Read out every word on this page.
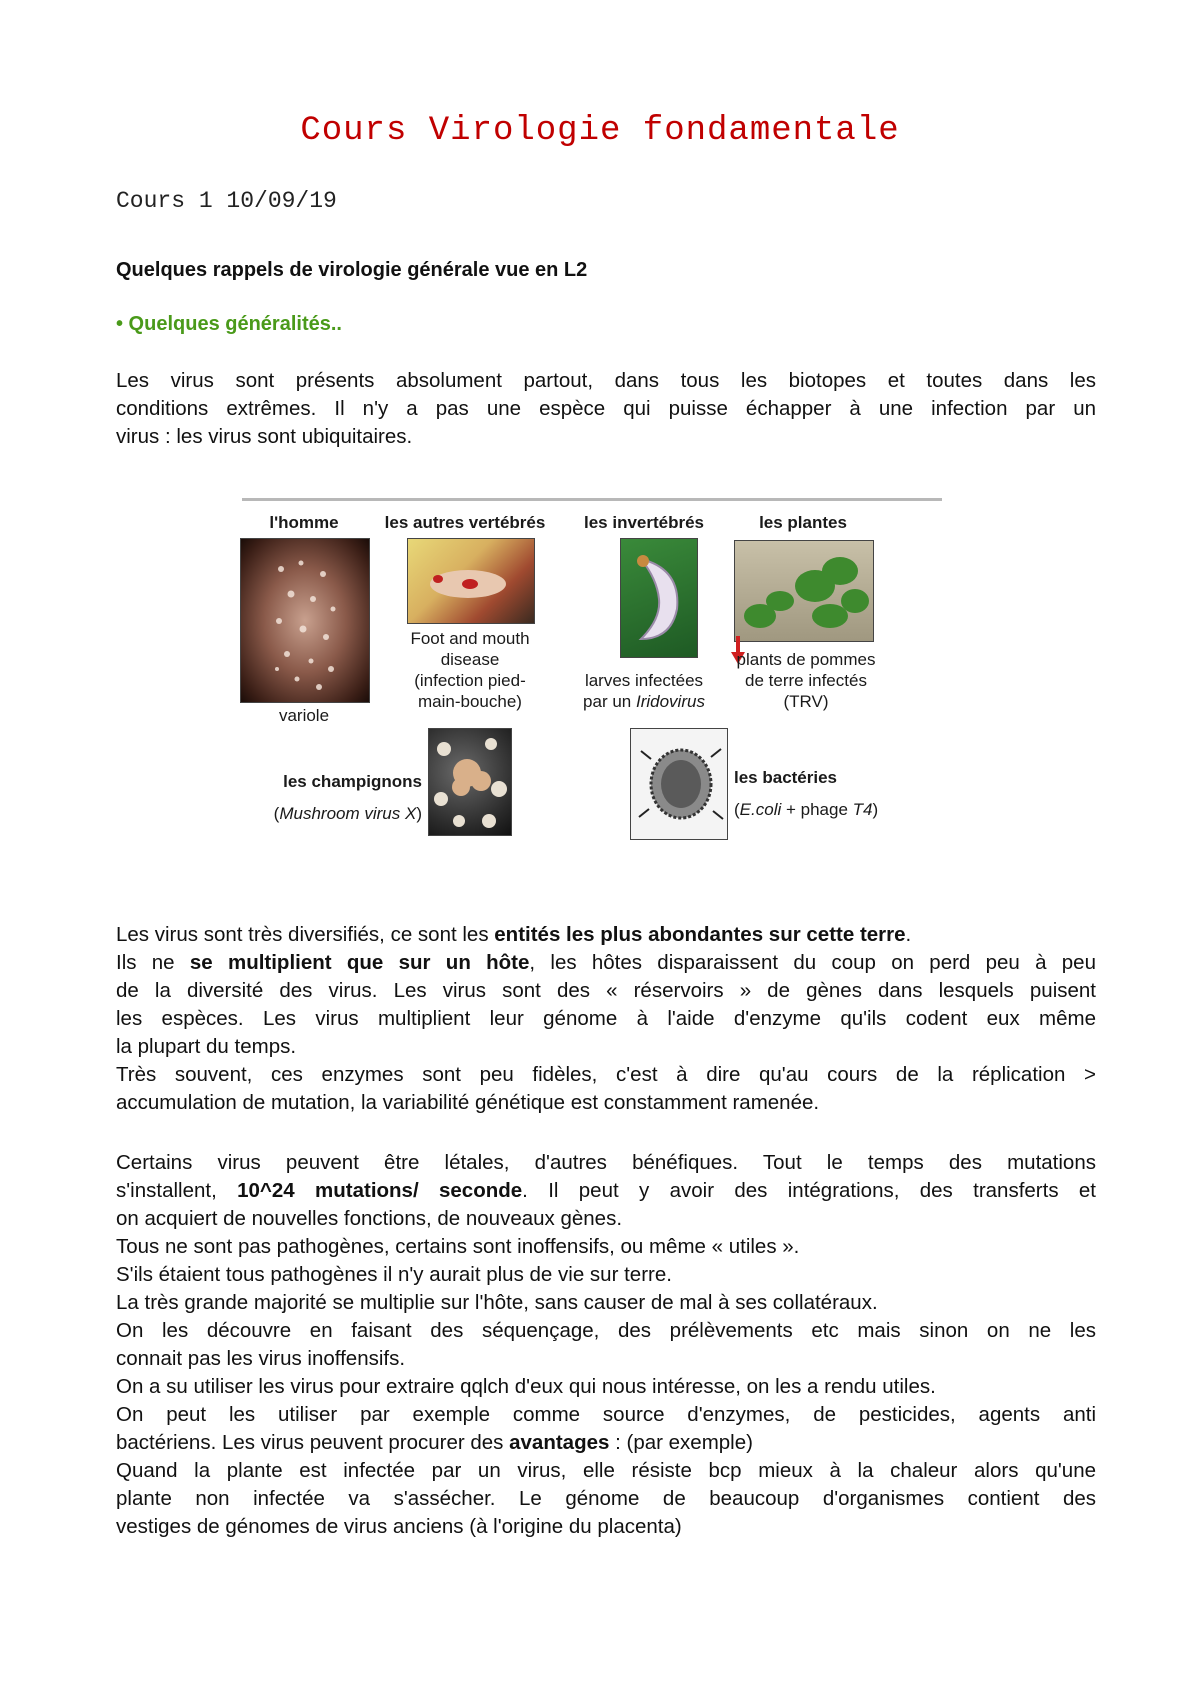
Cours Virologie fondamentale

Cours 1 10/09/19

Quelques rappels de virologie générale vue en L2

• Quelques généralités..

Les virus sont présents absolument partout, dans tous les biotopes et toutes dans les
conditions extrêmes. Il n'y a pas une espèce qui puisse échapper à une infection par un
virus : les virus sont ubiquitaires.
l'homme
variole
les autres vertébrés
Foot and mouth
disease
(infection pied-
main-bouche)
les invertébrés
larves infectées
par un Iridovirus
les plantes
plants de pommes
de terre infectés
(TRV)
les champignons
(Mushroom virus X)
les bactéries
(E.coli + phage T4)
Les virus sont très diversifiés, ce sont les entités les plus abondantes sur cette terre.
Ils ne se multiplient que sur un hôte, les hôtes disparaissent du coup on perd peu à peu
de la diversité des virus. Les virus sont des « réservoirs » de gènes dans lesquels puisent
les espèces. Les virus multiplient leur génome à l'aide d'enzyme qu'ils codent eux même
la plupart du temps.
Très souvent, ces enzymes sont peu fidèles, c'est à dire qu'au cours de la réplication >
accumulation de mutation, la variabilité génétique est constamment ramenée.
Certains virus peuvent être létales, d'autres bénéfiques. Tout le temps des mutations
s'installent, 10^24 mutations/ seconde. Il peut y avoir des intégrations, des transferts et
on acquiert de nouvelles fonctions, de nouveaux gènes.
Tous ne sont pas pathogènes, certains sont inoffensifs, ou même « utiles ».
S'ils étaient tous pathogènes il n'y aurait plus de vie sur terre.
La très grande majorité se multiplie sur l'hôte, sans causer de mal à ses collatéraux.
On les découvre en faisant des séquençage, des prélèvements etc mais sinon on ne les
connait pas les virus inoffensifs.
On a su utiliser les virus pour extraire qqlch d'eux qui nous intéresse, on les a rendu utiles.
On peut les utiliser par exemple comme source d'enzymes, de pesticides, agents anti
bactériens. Les virus peuvent procurer des avantages : (par exemple)
Quand la plante est infectée par un virus, elle résiste bcp mieux à la chaleur alors qu'une
plante non infectée va s'assécher. Le génome de beaucoup d'organismes contient des
vestiges de génomes de virus anciens (à l'origine du placenta)
